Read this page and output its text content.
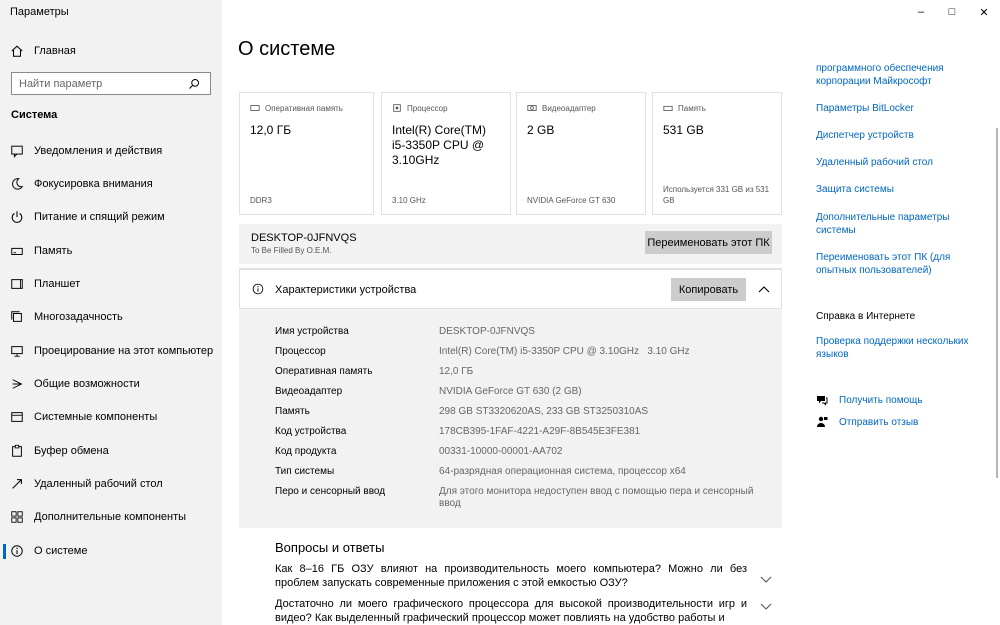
Параметры
Главная
Найти параметр
Система
Уведомления и действия
Фокусировка внимания
Питание и спящий режим
Память
Планшет
Многозадачность
Проецирование на этот компьютер
Общие возможности
Системные компоненты
Буфер обмена
Удаленный рабочий стол
Дополнительные компоненты
О системе
–	□	✕
О системе
Оперативная память
12,0 ГБ
DDR3
Процессор
Intel(R) Core(TM) i5-3350P CPU @ 3.10GHz
3.10 GHz
Видеоадаптер
2 GB
NVIDIA GeForce GT 630
Память
531 GB
Используется 331 GB из 531 GB
DESKTOP-0JFNVQS
To Be Filled By O.E.M.
Переименовать этот ПК
Характеристики устройства	Копировать
Имя устройства	DESKTOP-0JFNVQS
Процессор	Intel(R) Core(TM) i5-3350P CPU @ 3.10GHz   3.10 GHz
Оперативная память	12,0 ГБ
Видеоадаптер	NVIDIA GeForce GT 630 (2 GB)
Память	298 GB ST3320620AS, 233 GB ST3250310AS
Код устройства	178CB395-1FAF-4221-A29F-8B545E3FE381
Код продукта	00331-10000-00001-AA702
Тип системы	64-разрядная операционная система, процессор x64
Перо и сенсорный ввод	Для этого монитора недоступен ввод с помощью пера и сенсорный ввод
Вопросы и ответы
Как 8–16 ГБ ОЗУ влияют на производительность моего компьютера? Можно ли без проблем запускать современные приложения с этой емкостью ОЗУ?
Достаточно ли моего графического процессора для высокой производительности игр и видео? Как выделенный графический процессор может повлиять на удобство работы и
программного обеспечения корпорации Майкрософт
Параметры BitLocker
Диспетчер устройств
Удаленный рабочий стол
Защита системы
Дополнительные параметры системы
Переименовать этот ПК (для опытных пользователей)
Справка в Интернете
Проверка поддержки нескольких языков
Получить помощь
Отправить отзыв
